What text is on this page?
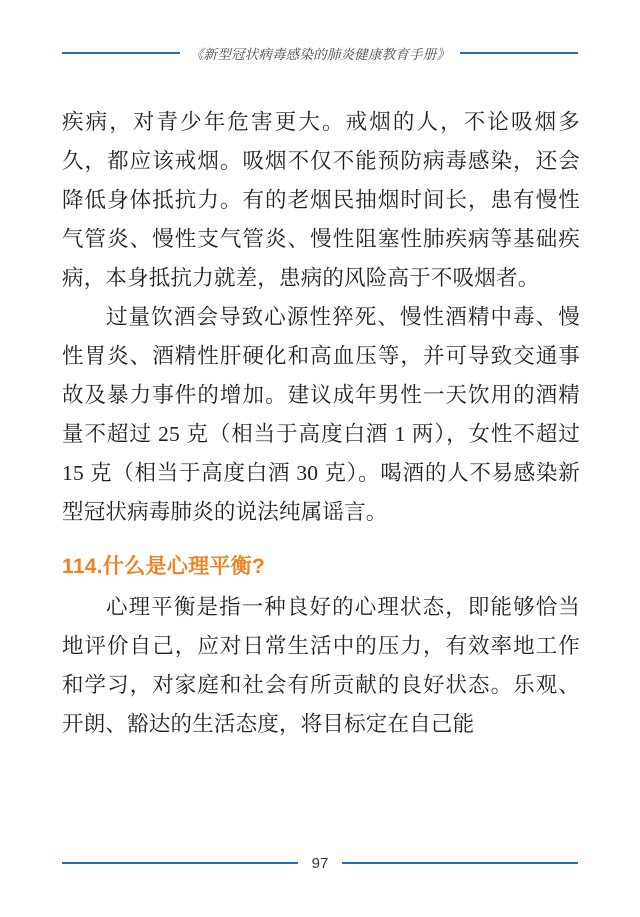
《新型冠状病毒感染的肺炎健康教育手册》

疾病，对青少年危害更大。戒烟的人，不论吸烟多久，都应该戒烟。吸烟不仅不能预防病毒感染，还会降低身体抵抗力。有的老烟民抽烟时间长，患有慢性气管炎、慢性支气管炎、慢性阻塞性肺疾病等基础疾病，本身抵抗力就差，患病的风险高于不吸烟者。

过量饮酒会导致心源性猝死、慢性酒精中毒、慢性胃炎、酒精性肝硬化和高血压等，并可导致交通事故及暴力事件的增加。建议成年男性一天饮用的酒精量不超过 25 克（相当于高度白酒 1 两），女性不超过 15 克（相当于高度白酒 30 克）。喝酒的人不易感染新型冠状病毒肺炎的说法纯属谣言。

114.什么是心理平衡?

心理平衡是指一种良好的心理状态，即能够恰当地评价自己，应对日常生活中的压力，有效率地工作和学习，对家庭和社会有所贡献的良好状态。乐观、开朗、豁达的生活态度，将目标定在自己能

97
